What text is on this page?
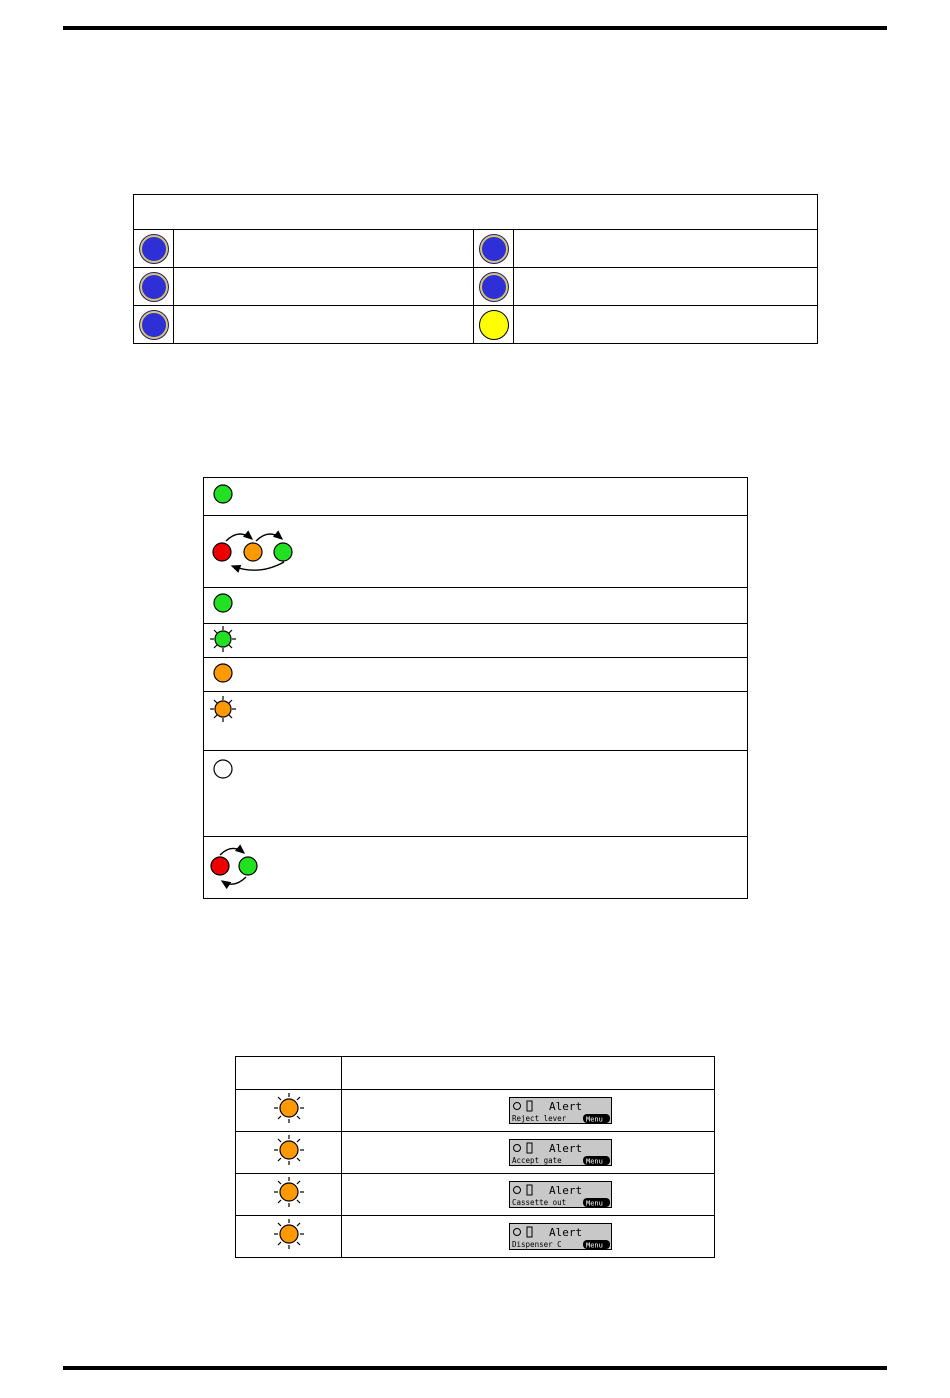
Alert
Reject lever Menu

Alert
Accept gate Menu

Alert
Cassette out Menu

Alert
Dispenser C Menu
